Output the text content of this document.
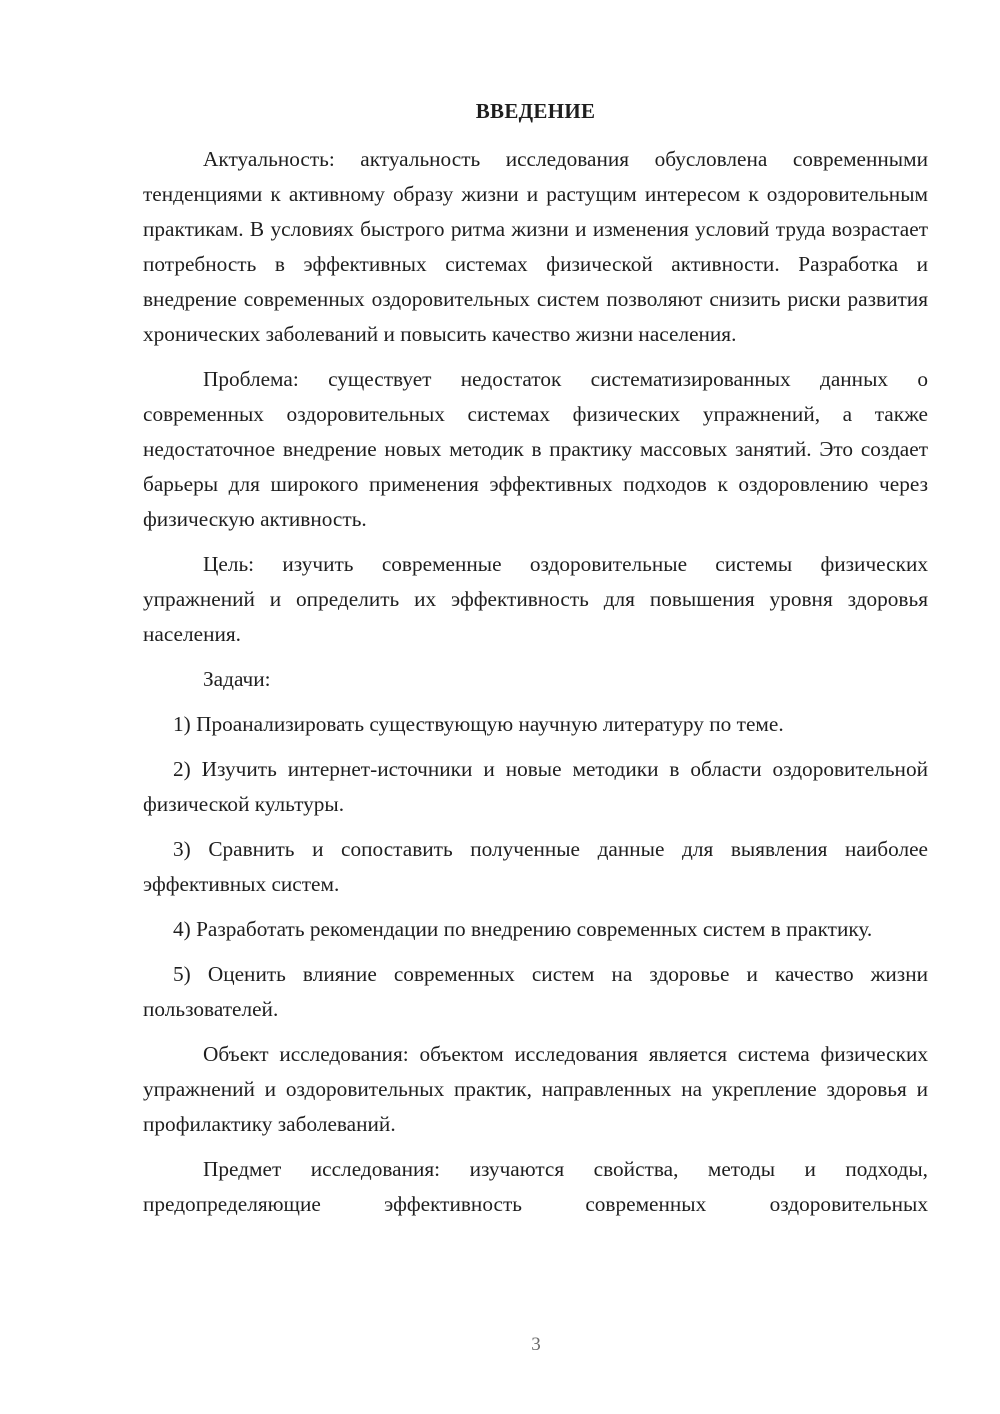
ВВЕДЕНИЕ

Актуальность: актуальность исследования обусловлена современными тенденциями к активному образу жизни и растущим интересом к оздоровительным практикам. В условиях быстрого ритма жизни и изменения условий труда возрастает потребность в эффективных системах физической активности. Разработка и внедрение современных оздоровительных систем позволяют снизить риски развития хронических заболеваний и повысить качество жизни населения.

Проблема: существует недостаток систематизированных данных о современных оздоровительных системах физических упражнений, а также недостаточное внедрение новых методик в практику массовых занятий. Это создает барьеры для широкого применения эффективных подходов к оздоровлению через физическую активность.

Цель: изучить современные оздоровительные системы физических упражнений и определить их эффективность для повышения уровня здоровья населения.

Задачи:

1) Проанализировать существующую научную литературу по теме.

2) Изучить интернет-источники и новые методики в области оздоровительной физической культуры.

3) Сравнить и сопоставить полученные данные для выявления наиболее эффективных систем.

4) Разработать рекомендации по внедрению современных систем в практику.

5) Оценить влияние современных систем на здоровье и качество жизни пользователей.

Объект исследования: объектом исследования является система физических упражнений и оздоровительных практик, направленных на укрепление здоровья и профилактику заболеваний.

Предмет исследования: изучаются свойства, методы и подходы, предопределяющие эффективность современных оздоровительных

3
